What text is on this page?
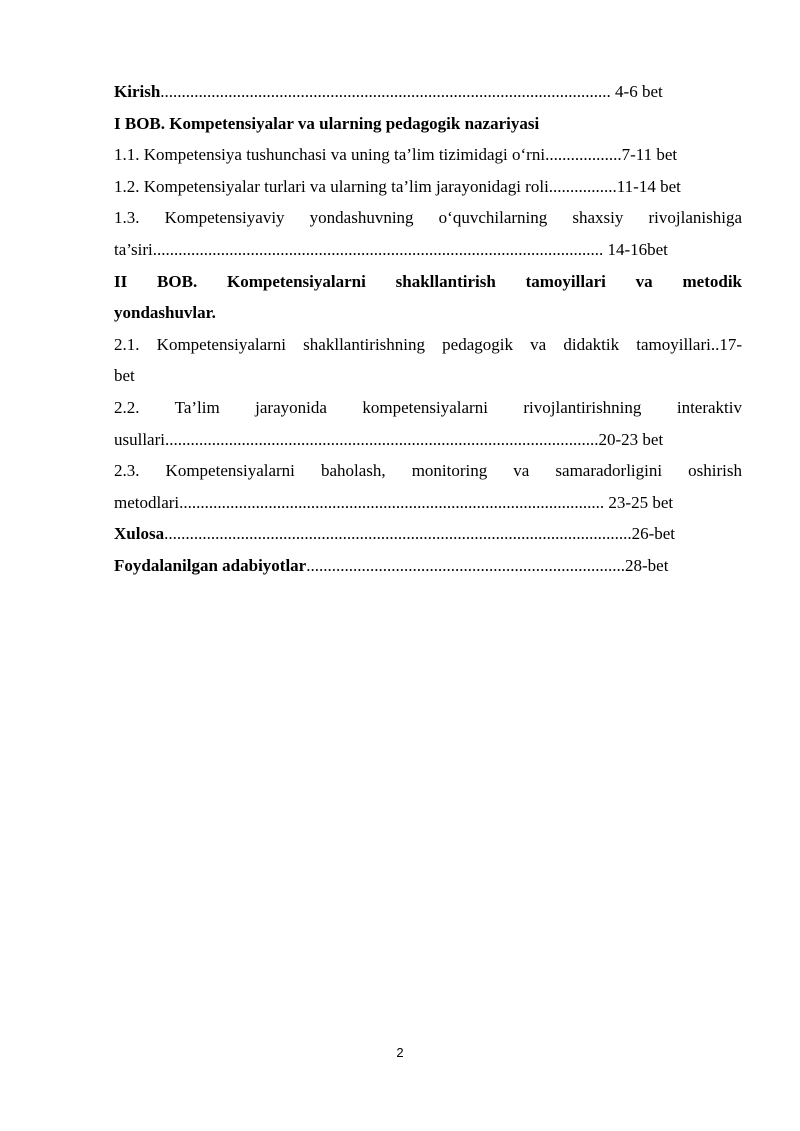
Kirish.......................................................................................................... 4-6 bet
I BOB. Kompetensiyalar va ularning pedagogik nazariyasi
1.1. Kompetensiya tushunchasi va uning ta’lim tizimidagi o‘rni..................7-11 bet
1.2. Kompetensiyalar turlari va ularning ta’lim jarayonidagi roli................11-14 bet
1.3. Kompetensiyaviy yondashuvning o‘quvchilarning shaxsiy rivojlanishiga
ta’siri.......................................................................................................... 14-16bet
II BOB. Kompetensiyalarni shakllantirish tamoyillari va metodik
yondashuvlar.
2.1. Kompetensiyalarni shakllantirishning pedagogik va didaktik tamoyillari..17-
bet
2.2. Ta’lim jarayonida kompetensiyalarni rivojlantirishning interaktiv
usullari......................................................................................................20-23 bet
2.3. Kompetensiyalarni baholash, monitoring va samaradorligini oshirish
metodlari.................................................................................................... 23-25 bet
Xulosa..............................................................................................................26-bet
Foydalanilgan adabiyotlar...........................................................................28-bet
2
